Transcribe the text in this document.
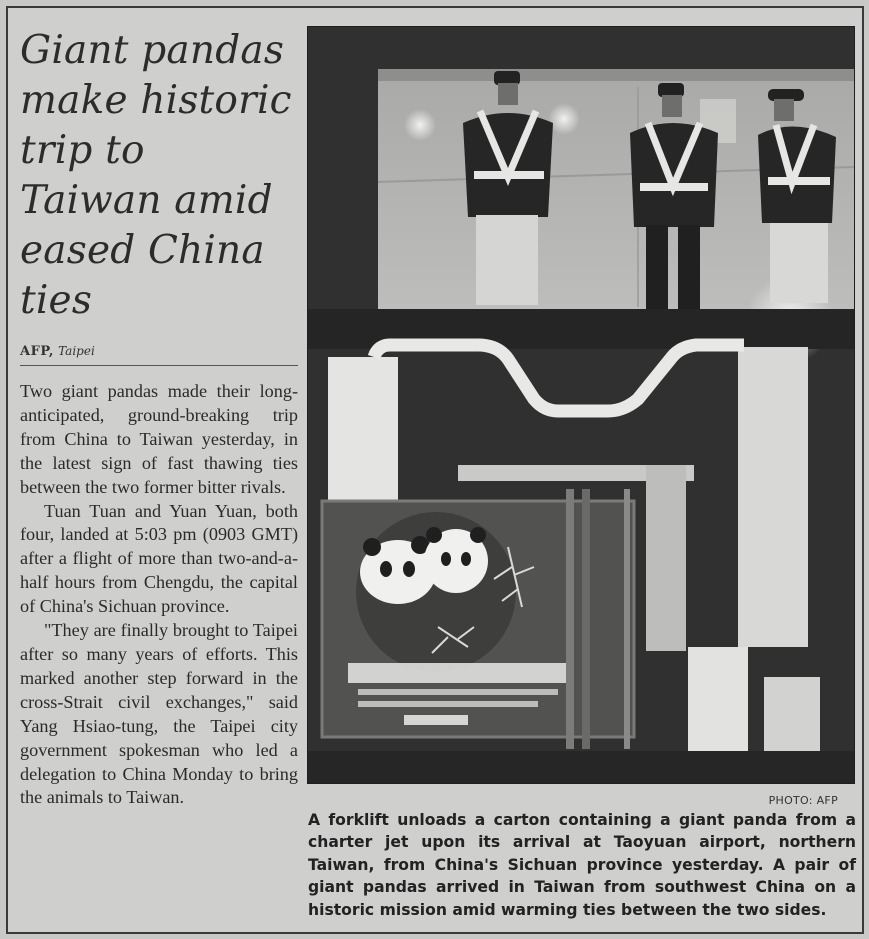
Giant pandas make historic trip to Taiwan amid eased China ties
AFP, Taipei

Two giant pandas made their long-anticipated, ground-breaking trip from China to Taiwan yesterday, in the latest sign of fast thawing ties between the two former bitter rivals.

Tuan Tuan and Yuan Yuan, both four, landed at 5:03 pm (0903 GMT) after a flight of more than two-and-a-half hours from Chengdu, the capital of China's Sichuan province.

"They are finally brought to Taipei after so many years of efforts. This marked another step forward in the cross-Strait civil exchanges," said Yang Hsiao-tung, the Taipei city government spokesman who led a delegation to China Monday to bring the animals to Taiwan.	PHOTO: AFP
A forklift unloads a carton containing a giant panda from a charter jet upon its arrival at Taoyuan airport, northern Taiwan, from China's Sichuan province yesterday. A pair of giant pandas arrived in Taiwan from southwest China on a historic mission amid warming ties between the two sides.
